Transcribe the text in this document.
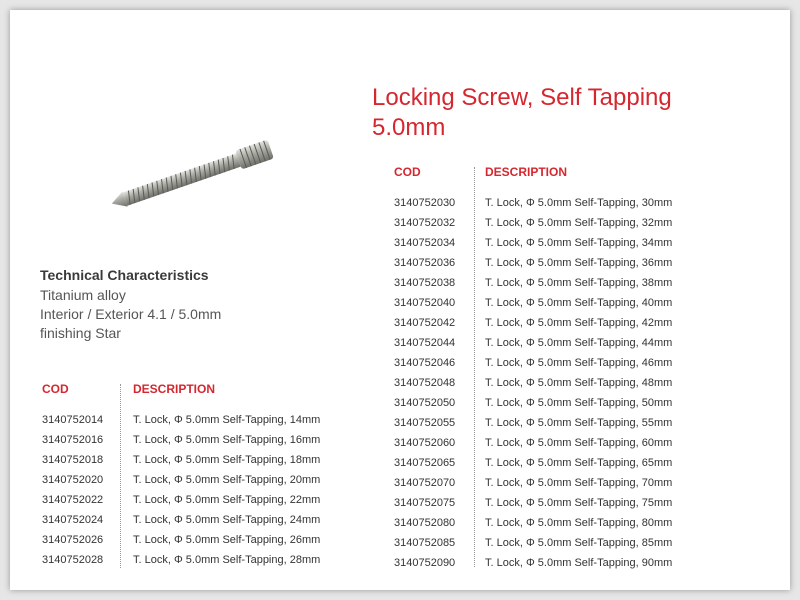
Locking Screw, Self Tapping
5.0mm
Technical Characteristics
Titanium alloy
Interior / Exterior 4.1 / 5.0mm
finishing Star
COD	DESCRIPTION
3140752014	T. Lock, Φ 5.0mm Self-Tapping, 14mm
3140752016	T. Lock, Φ 5.0mm Self-Tapping, 16mm
3140752018	T. Lock, Φ 5.0mm Self-Tapping, 18mm
3140752020	T. Lock, Φ 5.0mm Self-Tapping, 20mm
3140752022	T. Lock, Φ 5.0mm Self-Tapping, 22mm
3140752024	T. Lock, Φ 5.0mm Self-Tapping, 24mm
3140752026	T. Lock, Φ 5.0mm Self-Tapping, 26mm
3140752028	T. Lock, Φ 5.0mm Self-Tapping, 28mm
COD	DESCRIPTION
3140752030	T. Lock, Φ 5.0mm Self-Tapping, 30mm
3140752032	T. Lock, Φ 5.0mm Self-Tapping, 32mm
3140752034	T. Lock, Φ 5.0mm Self-Tapping, 34mm
3140752036	T. Lock, Φ 5.0mm Self-Tapping, 36mm
3140752038	T. Lock, Φ 5.0mm Self-Tapping, 38mm
3140752040	T. Lock, Φ 5.0mm Self-Tapping, 40mm
3140752042	T. Lock, Φ 5.0mm Self-Tapping, 42mm
3140752044	T. Lock, Φ 5.0mm Self-Tapping, 44mm
3140752046	T. Lock, Φ 5.0mm Self-Tapping, 46mm
3140752048	T. Lock, Φ 5.0mm Self-Tapping, 48mm
3140752050	T. Lock, Φ 5.0mm Self-Tapping, 50mm
3140752055	T. Lock, Φ 5.0mm Self-Tapping, 55mm
3140752060	T. Lock, Φ 5.0mm Self-Tapping, 60mm
3140752065	T. Lock, Φ 5.0mm Self-Tapping, 65mm
3140752070	T. Lock, Φ 5.0mm Self-Tapping, 70mm
3140752075	T. Lock, Φ 5.0mm Self-Tapping, 75mm
3140752080	T. Lock, Φ 5.0mm Self-Tapping, 80mm
3140752085	T. Lock, Φ 5.0mm Self-Tapping, 85mm
3140752090	T. Lock, Φ 5.0mm Self-Tapping, 90mm
